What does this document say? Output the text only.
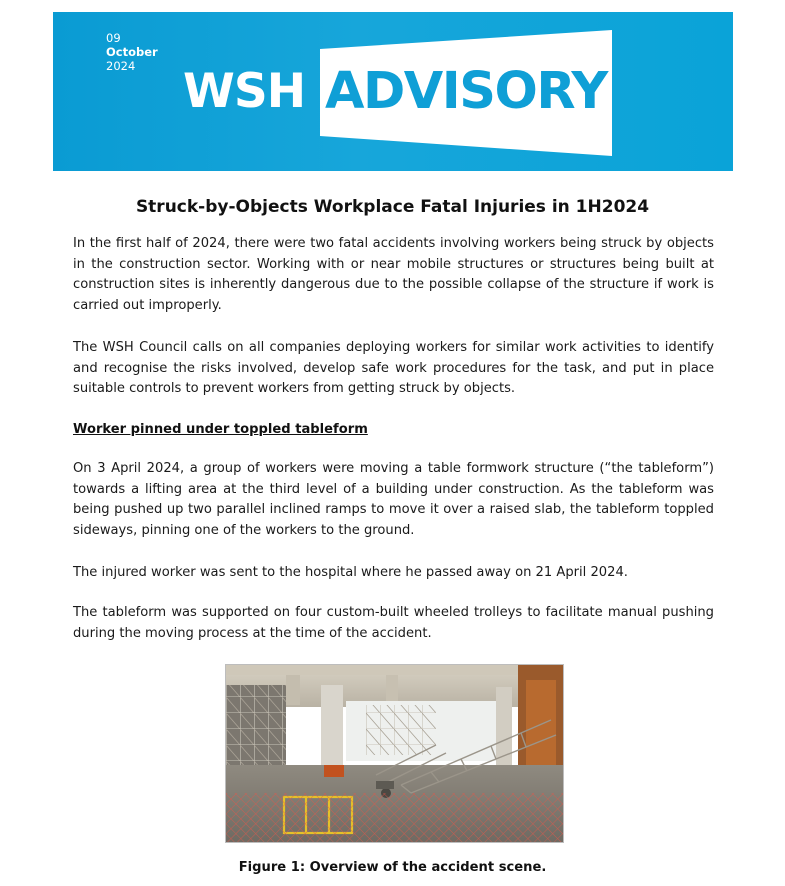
09
October
2024	WSH ADVISORY
Struck-by-Objects Workplace Fatal Injuries in 1H2024

In the first half of 2024, there were two fatal accidents involving workers being struck by objects in the construction sector. Working with or near mobile structures or structures being built at construction sites is inherently dangerous due to the possible collapse of the structure if work is carried out improperly.

The WSH Council calls on all companies deploying workers for similar work activities to identify and recognise the risks involved, develop safe work procedures for the task, and put in place suitable controls to prevent workers from getting struck by objects.

Worker pinned under toppled tableform

On 3 April 2024, a group of workers were moving a table formwork structure (“the tableform”) towards a lifting area at the third level of a building under construction. As the tableform was being pushed up two parallel inclined ramps to move it over a raised slab, the tableform toppled sideways, pinning one of the workers to the ground.

The injured worker was sent to the hospital where he passed away on 21 April 2024.

The tableform was supported on four custom-built wheeled trolleys to facilitate manual pushing during the moving process at the time of the accident.

Figure 1: Overview of the accident scene.
